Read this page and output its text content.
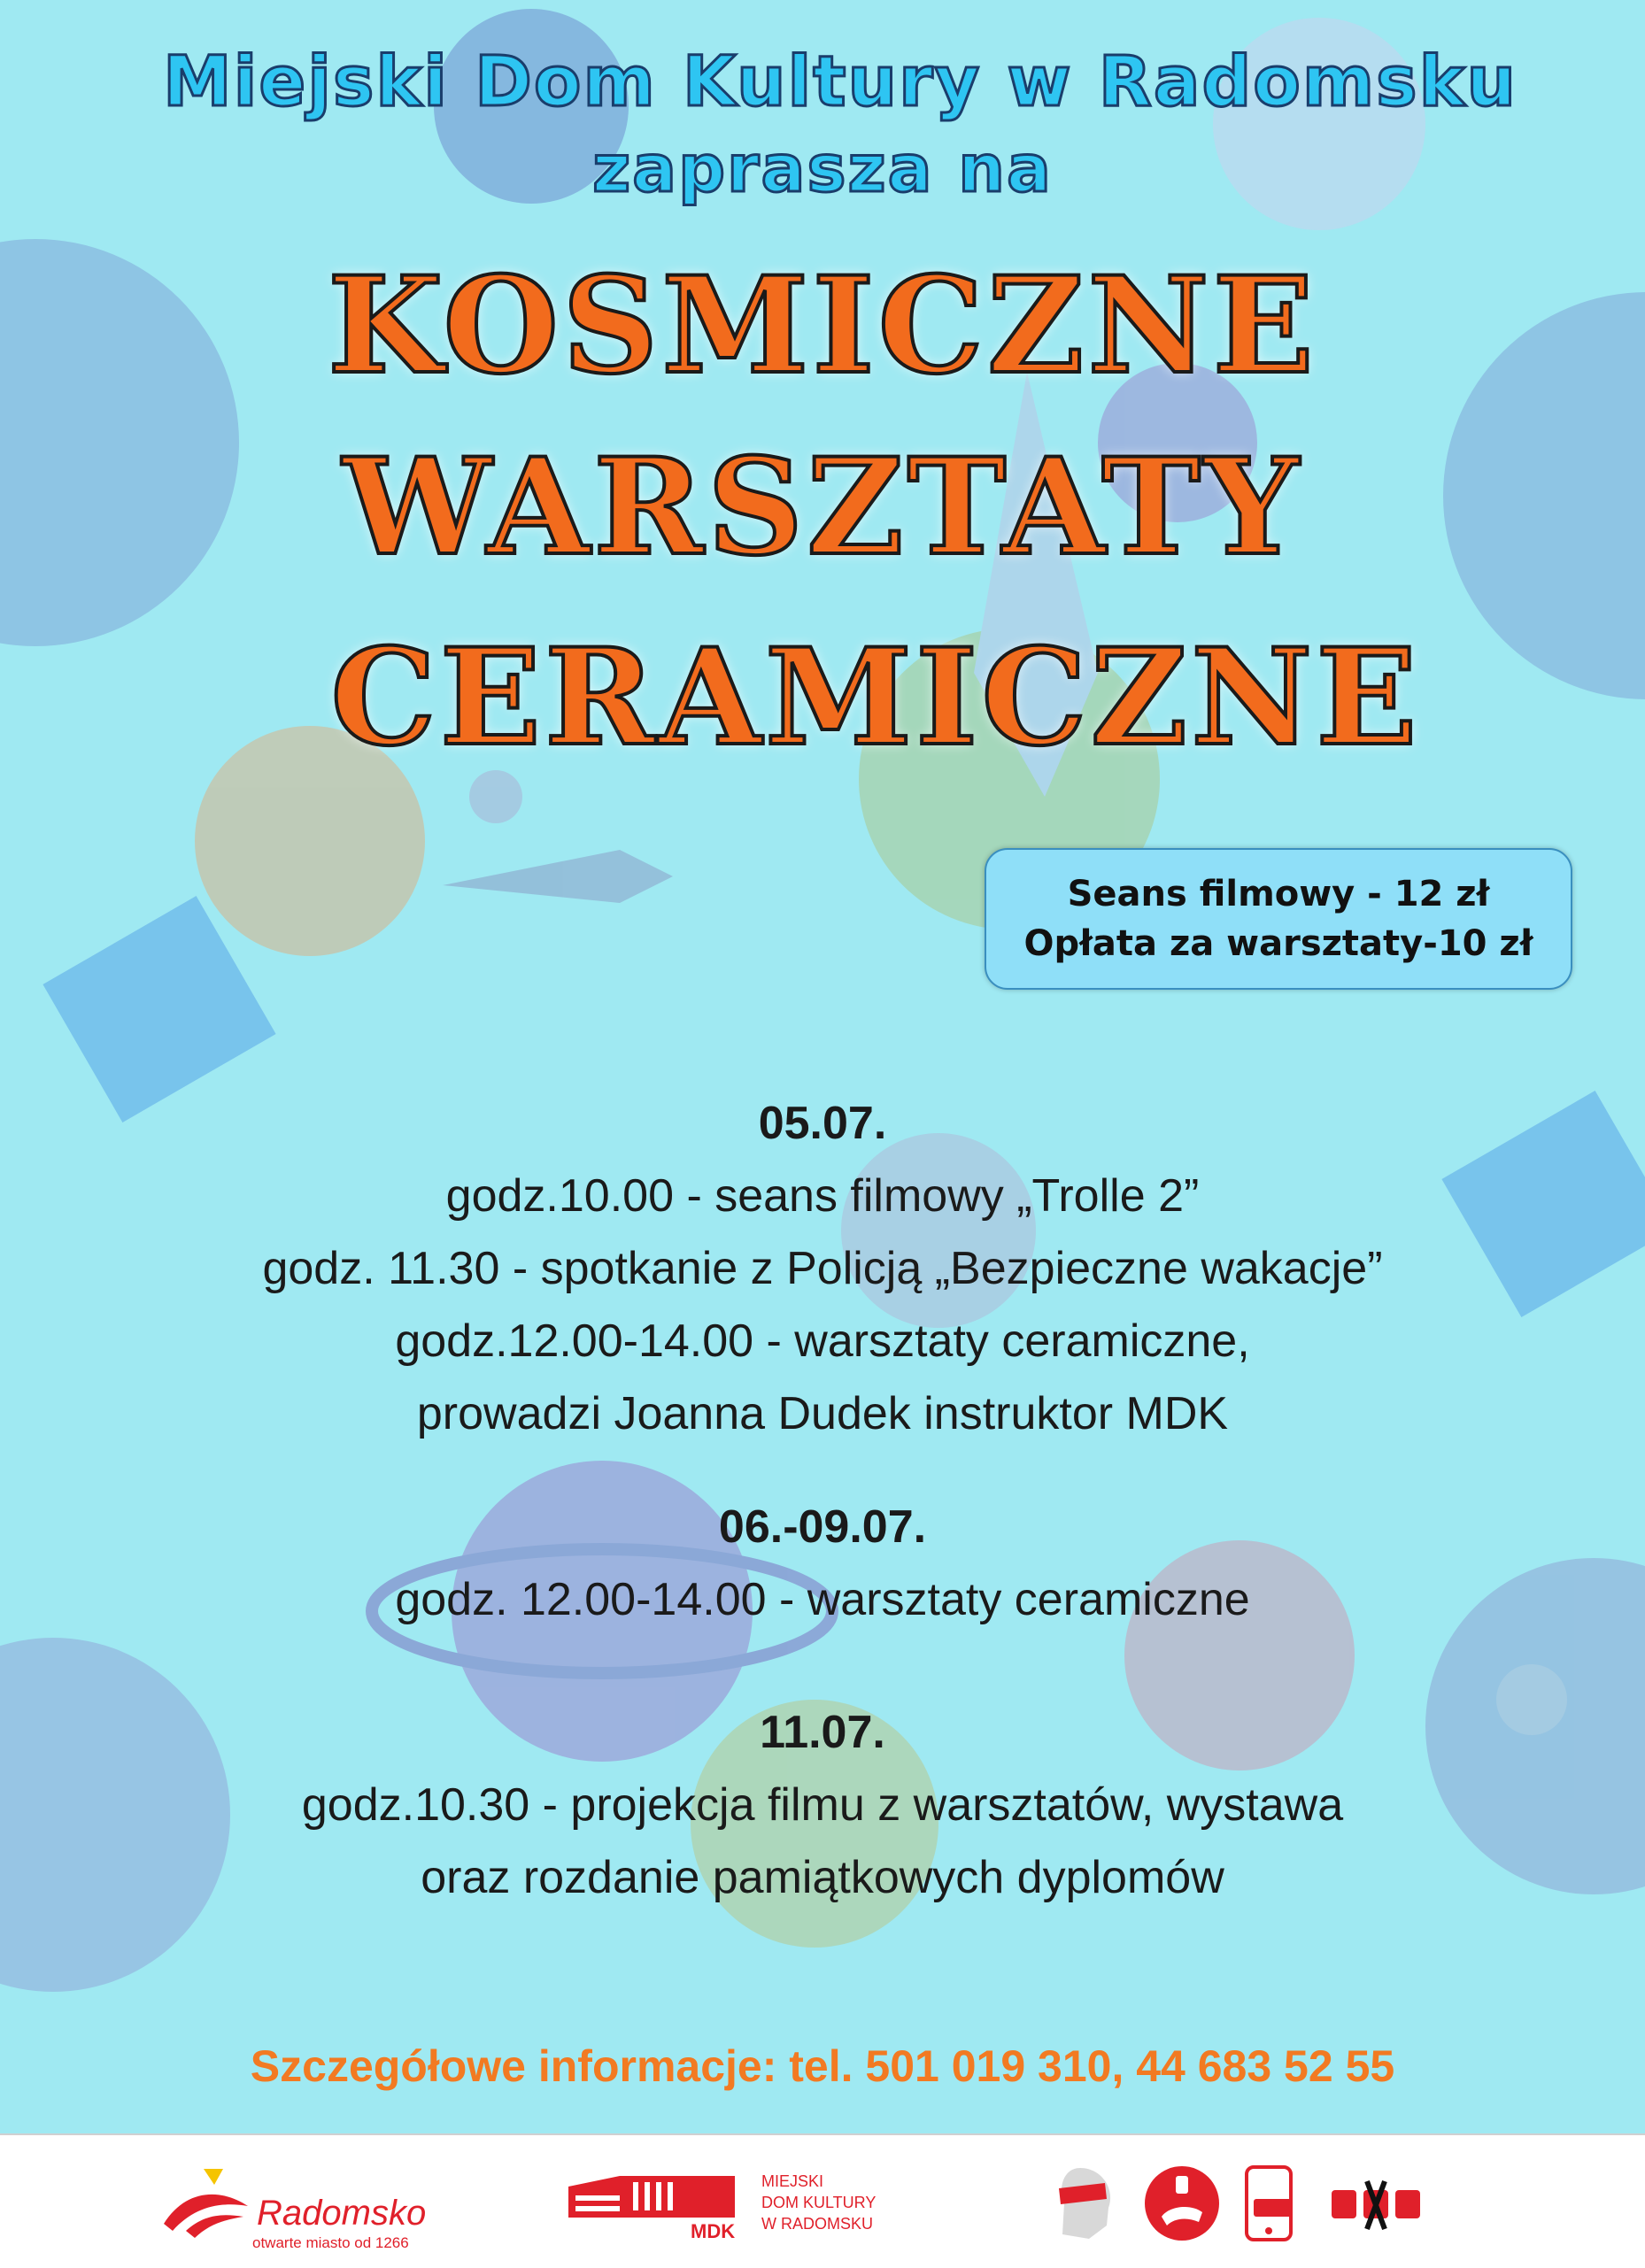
Miejski Dom Kultury w Radomsku
zaprasza na
KOSMICZNE
WARSZTATY
CERAMICZNE
Seans filmowy - 12 zł
Opłata za warsztaty-10 zł
05.07.
godz.10.00 - seans filmowy „Trolle 2”
godz. 11.30 - spotkanie z Policją „Bezpieczne wakacje”
godz.12.00-14.00 - warsztaty ceramiczne,
prowadzi Joanna Dudek instruktor MDK
06.-09.07.
godz. 12.00-14.00 - warsztaty ceramiczne
11.07.
godz.10.30 - projekcja filmu z warsztatów, wystawa
oraz rozdanie pamiątkowych dyplomów
Szczegółowe informacje: tel. 501 019 310, 44 683 52 55
Radomsko
otwarte miasto od 1266
MDK
MIEJSKI
DOM KULTURY
W RADOMSKU
